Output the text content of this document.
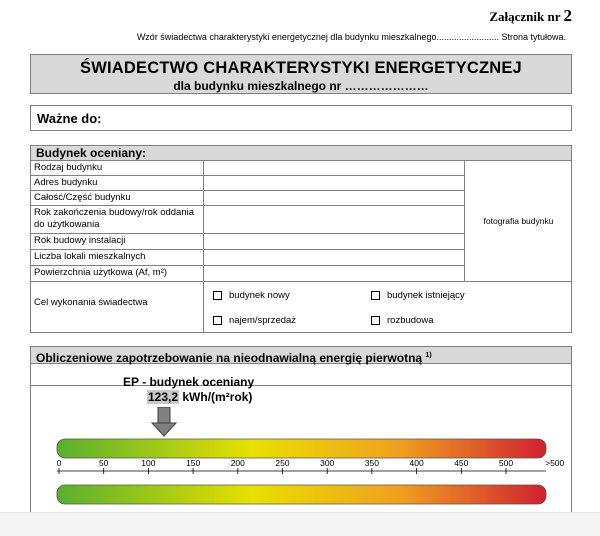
Załącznik nr 2
Wzór świadectwa charakterystyki energetycznej dla budynku mieszkalnego......................... Strona tytułowa.
ŚWIADECTWO CHARAKTERYSTYKI ENERGETYCZNEJ
dla budynku mieszkalnego nr …………………
Ważne do:
Budynek oceniany:
Rodzaj budynku
Adres budynku
Całość/Część budynku
Rok zakończenia budowy/rok oddania do użytkowania
Rok budowy instalacji
Liczba lokali mieszkalnych
Powierzchnia użytkowa (Af, m²)
fotografia budynku
Cel wykonania świadectwa
budynek nowy	budynek istniejący
najem/sprzedaż	rozbudowa
Obliczeniowe zapotrzebowanie na nieodnawialną energię pierwotną $^{1)}$
EP - budynek oceniany
123,2 kWh/(m²rok)
0	50	100	150	200	250	300	350	400	450	500	>500
